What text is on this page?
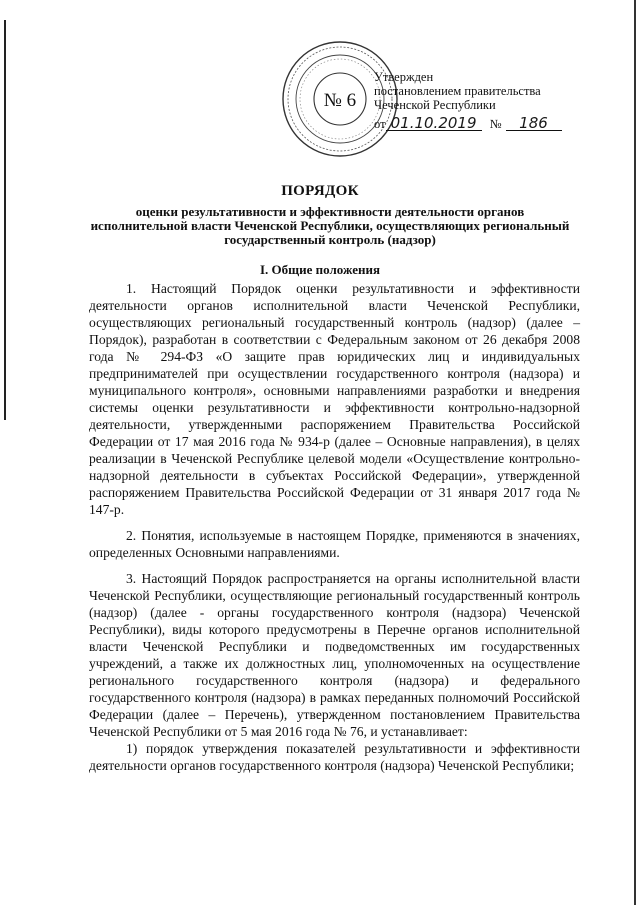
№ 6
Утвержден
постановлением правительства
Чеченской Республики
от 01.10.2019	№	186
ПОРЯДОК
оценки результативности и эффективности деятельности органов исполнительной власти Чеченской Республики, осуществляющих региональный государственный контроль (надзор)
I. Общие положения

1. Настоящий Порядок оценки результативности и эффективности деятельности органов исполнительной власти Чеченской Республики, осуществляющих региональный государственный контроль (надзор) (далее – Порядок), разработан в соответствии с Федеральным законом от 26 декабря 2008 года № 294-ФЗ «О защите прав юридических лиц и индивидуальных предпринимателей при осуществлении государственного контроля (надзора) и муниципального контроля», основными направлениями разработки и внедрения системы оценки результативности и эффективности контрольно-надзорной деятельности, утвержденными распоряжением Правительства Российской Федерации от 17 мая 2016 года № 934-р (далее – Основные направления), в целях реализации в Чеченской Республике целевой модели «Осуществление контрольно-надзорной деятельности в субъектах Российской Федерации», утвержденной распоряжением Правительства Российской Федерации от 31 января 2017 года № 147-р.

2. Понятия, используемые в настоящем Порядке, применяются в значениях, определенных Основными направлениями.

3. Настоящий Порядок распространяется на органы исполнительной власти Чеченской Республики, осуществляющие региональный государственный контроль (надзор) (далее - органы государственного контроля (надзора) Чеченской Республики), виды которого предусмотрены в Перечне органов исполнительной власти Чеченской Республики и подведомственных им государственных учреждений, а также их должностных лиц, уполномоченных на осуществление регионального государственного контроля (надзора) и федерального государственного контроля (надзора) в рамках переданных полномочий Российской Федерации (далее – Перечень), утвержденном постановлением Правительства Чеченской Республики от 5 мая 2016 года № 76, и устанавливает:

1) порядок утверждения показателей результативности и эффективности деятельности органов государственного контроля (надзора) Чеченской Республики;
